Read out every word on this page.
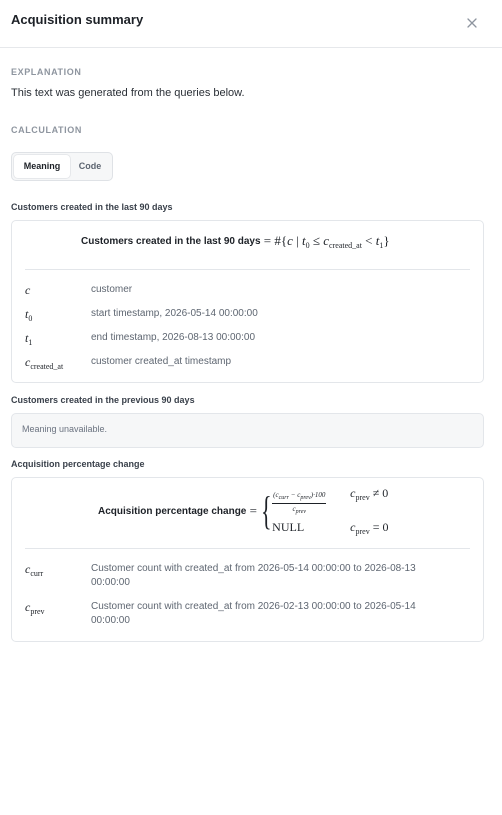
Acquisition summary
EXPLANATION
This text was generated from the queries below.
CALCULATION
Meaning	Code
Customers created in the last 90 days
Customers created in the last 90 days = #{c | $t_0 \le c_{created\_at} < t_1$}
c	customer
$t_0$	start timestamp, 2026-05-14 00:00:00
$t_1$	end timestamp, 2026-08-13 00:00:00
$c_{created\_at}$	customer created_at timestamp
Customers created in the previous 90 days
Meaning unavailable.
Acquisition percentage change
Acquisition percentage change = { $\frac{\text{(ccurr − cprev)·100}}{\text{cprev}} c_{prev} \ne 0$
NULL	$c_{prev} = 0$
$c_{curr}$	Customer count with created_at from 2026-05-14 00:00:00 to 2026-08-13 00:00:00
$c_{prev}$	Customer count with created_at from 2026-02-13 00:00:00 to 2026-05-14 00:00:00
